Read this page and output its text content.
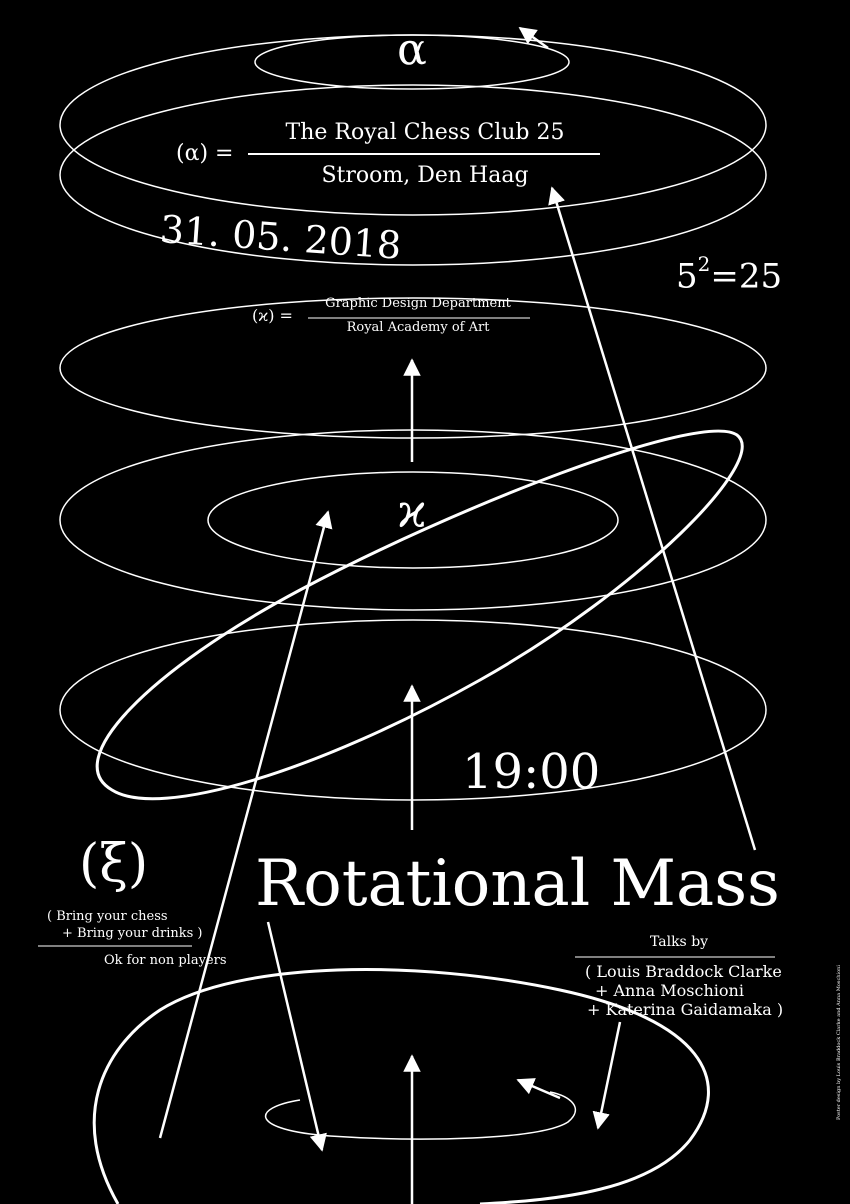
α
(α) =
The Royal Chess Club 25
Stroom, Den Haag
31. 05. 2018
$5^2=25$
(ϰ) =
Graphic Design Department
Royal Academy of Art
ϰ
19:00
(ξ)
( Bring your chess
+ Bring your drinks )
Ok for non players
Rotational Mass
Talks by
( Louis Braddock Clarke
+ Anna Moschioni
+ Katerina Gaidamaka )	Poster design by Louis Braddock Clarke and Anna Moschioni
